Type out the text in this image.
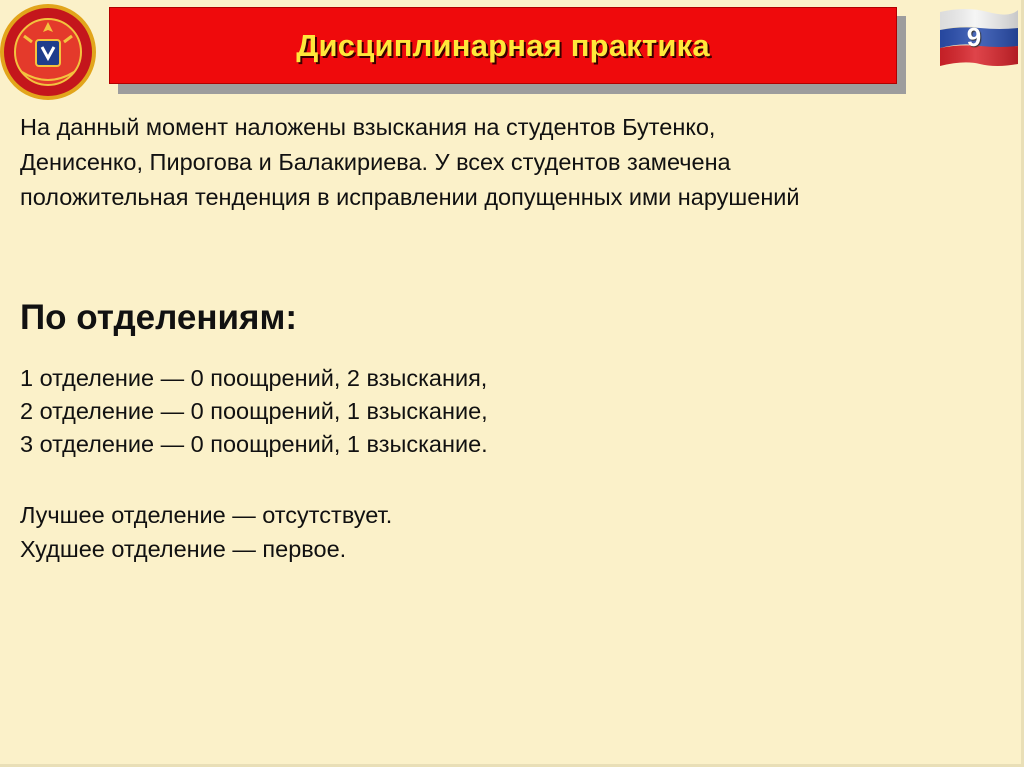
Дисциплинарная практика	9

На данный момент наложены взыскания на студентов Бутенко,
Денисенко, Пирогова и Балакириева. У всех студентов замечена
положительная тенденция в исправлении допущенных ими нарушений

По отделениям:
1 отделение — 0 поощрений, 2 взыскания,
2 отделение — 0 поощрений, 1 взыскание,
3 отделение — 0 поощрений, 1 взыскание.
Лучшее отделение — отсутствует.
Худшее отделение — первое.
